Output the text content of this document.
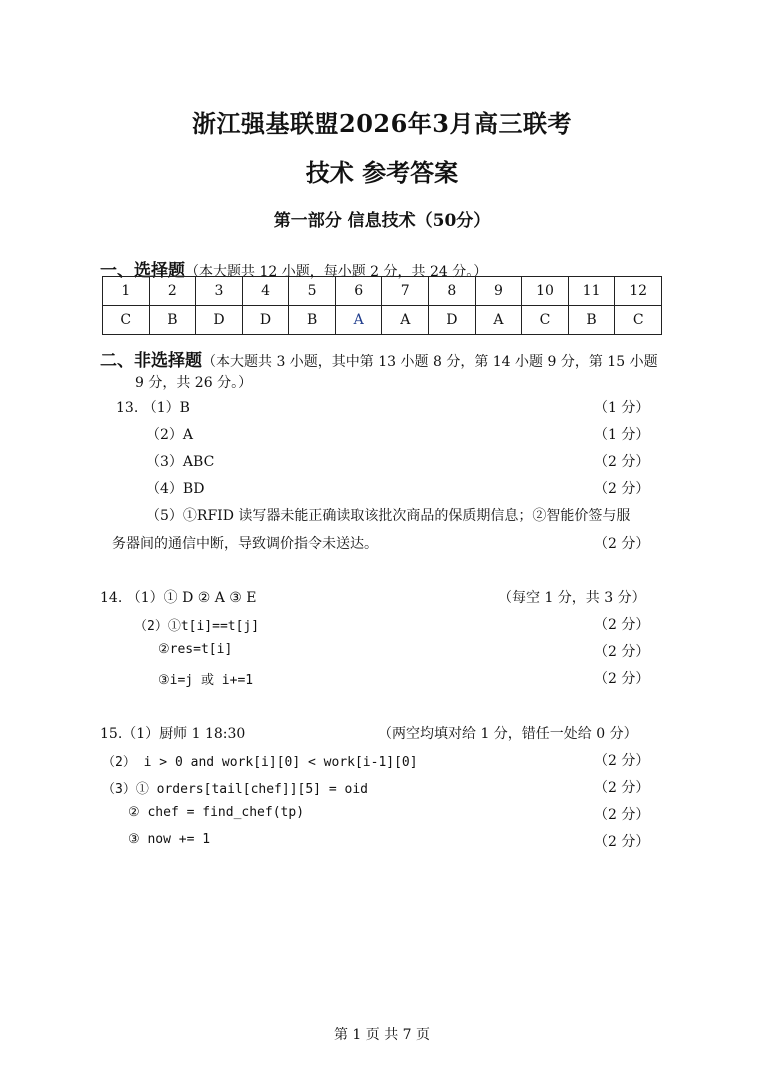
浙江强基联盟2026年3月高三联考
技术 参考答案
第一部分 信息技术（50分）
一、选择题（本大题共 12 小题，每小题 2 分，共 24 分。）
1	2	3	4	5	6	7	8	9	10	11	12
C	B	D	D	B	A	A	D	A	C	B	C
二、非选择题（本大题共 3 小题，其中第 13 小题 8 分，第 14 小题 9 分，第 15 小题
9 分，共 26 分。）
13. （1）B	（1 分）
（2）A	（1 分）
（3）ABC	（2 分）
（4）BD	（2 分）
（5）①RFID 读写器未能正确读取该批次商品的保质期信息；②智能价签与服
务器间的通信中断，导致调价指令未送达。	（2 分）
14. （1）① D ② A ③ E	（每空 1 分，共 3 分）
（2）①t[i]==t[j]	（2 分）
②res=t[i]	（2 分）
③i=j 或 i+=1	（2 分）
15.（1）厨师 1 18:30	（两空均填对给 1 分，错任一处给 0 分）
（2） i > 0 and work[i][0] < work[i-1][0]	（2 分）
（3）① orders[tail[chef]][5] = oid	（2 分）
② chef = find_chef(tp)	（2 分）
③ now += 1	（2 分）
第 1 页 共 7 页
